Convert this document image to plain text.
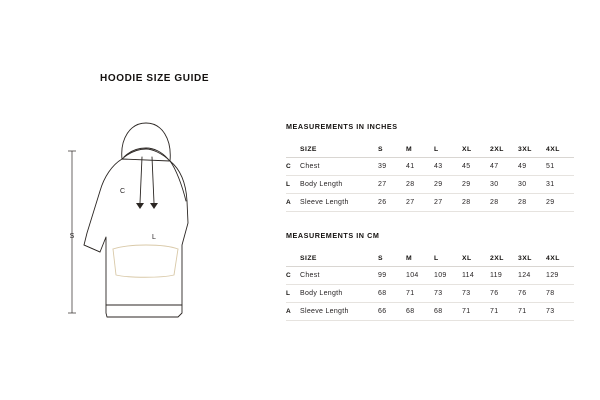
HOODIE SIZE GUIDE
S
C
L
MEASUREMENTS IN INCHES
	SIZE	S	M	L	XL	2XL	3XL	4XL
C	Chest	39	41	43	45	47	49	51
L	Body Length	27	28	29	29	30	30	31
A	Sleeve Length	26	27	27	28	28	28	29
MEASUREMENTS IN CM
	SIZE	S	M	L	XL	2XL	3XL	4XL
C	Chest	99	104	109	114	119	124	129
L	Body Length	68	71	73	73	76	76	78
A	Sleeve Length	66	68	68	71	71	71	73
